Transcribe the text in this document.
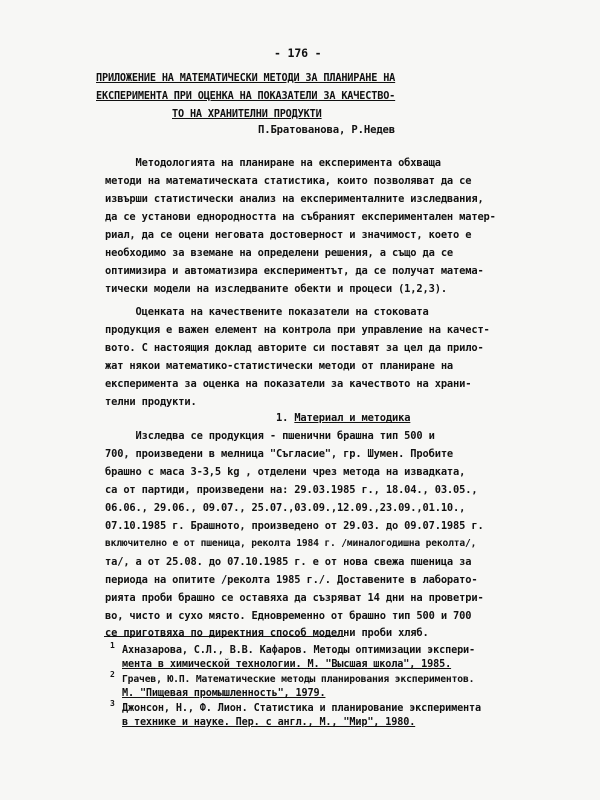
- 176 -
ПРИЛОЖЕНИЕ НА МАТЕМАТИЧЕСКИ МЕТОДИ ЗА ПЛАНИРАНЕ НА
ЕКСПЕРИМЕНТА ПРИ ОЦЕНКА НА ПОКАЗАТЕЛИ ЗА КАЧЕСТВО-
ТО НА ХРАНИТЕЛНИ ПРОДУКТИ
П.Братованова, Р.Недев
Методологията на планиране на експеримента обхваща
методи на математическата статистика, които позволяват да се
извърши статистически анализ на експерименталните изследвания,
да се установи еднородността на събраният експериментален матер-
риал, да се оцени неговата достоверност и значимост, което е
необходимо за вземане на определени решения, а също да се
оптимизира и автоматизира експериментът, да се получат матема-
тически модели на изследваните обекти и процеси (1,2,3).
Оценката на качествените показатели на стоковата
продукция е важен елемент на контрола при управление на качест-
вото. С настоящия доклад авторите си поставят за цел да прило-
жат някои математико-статистически методи от планиране на
експеримента за оценка на показатели за качеството на храни-
телни продукти.
1. Материал и методика
Изследва се продукция - пшенични брашна тип 500 и
700, произведени в мелница "Съгласие", гр. Шумен. Пробите
брашно с маса 3-3,5 kg , отделени чрез метода на извадката,
са от партиди, произведени на: 29.03.1985 г., 18.04., 03.05.,
06.06., 29.06., 09.07., 25.07.,03.09.,12.09.,23.09.,01.10.,
07.10.1985 г. Брашното, произведено от 29.03. до 09.07.1985 г.
включително е от пшеница, реколта 1984 г. /миналогодишна реколта/,
та/, а от 25.08. до 07.10.1985 г. е от нова свежа пшеница за
периода на опитите /реколта 1985 г./. Доставените в лаборато-
рията проби брашно се оставяха да съзряват 14 дни на проветри-
во, чисто и сухо място. Едновременно от брашно тип 500 и 700
се приготвяха по директния способ моделни проби хляб.
1 Ахназарова, С.Л., В.В. Кафаров. Методы оптимизации экспери-
мента в химической технологии. М. "Высшая школа", 1985.
2 Грачев, Ю.П. Математические методы планирования экспериментов.
М. "Пищевая промышленность", 1979.
3 Джонсон, Н., Ф. Лион. Статистика и планирование эксперимента
в технике и науке. Пер. с англ., М., "Мир", 1980.
